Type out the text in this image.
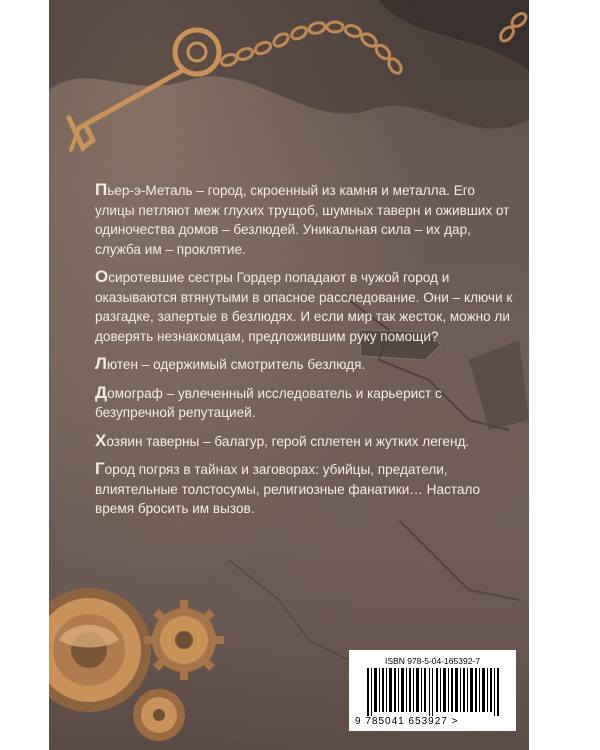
Пьер-э-Металь – город, скроенный из камня и металла. Его улицы петляют меж глухих трущоб, шумных таверн и оживших от одиночества домов – безлюдей. Уникальная сила – их дар, служба им – проклятие.

Осиротевшие сестры Гордер попадают в чужой город и оказываются втянутыми в опасное расследование. Они – ключи к разгадке, запертые в безлюдях. И если мир так жесток, можно ли доверять незнакомцам, предложившим руку помощи?

Лютен – одержимый смотритель безлюдя.

Домограф – увлеченный исследователь и карьерист с безупречной репутацией.

Хозяин таверны – балагур, герой сплетен и жутких легенд.

Город погряз в тайнах и заговорах: убийцы, предатели, влиятельные толстосумы, религиозные фанатики… Настало время бросить им вызов.

ISBN 978-5-04-165392-7
9 785041 653927 >
